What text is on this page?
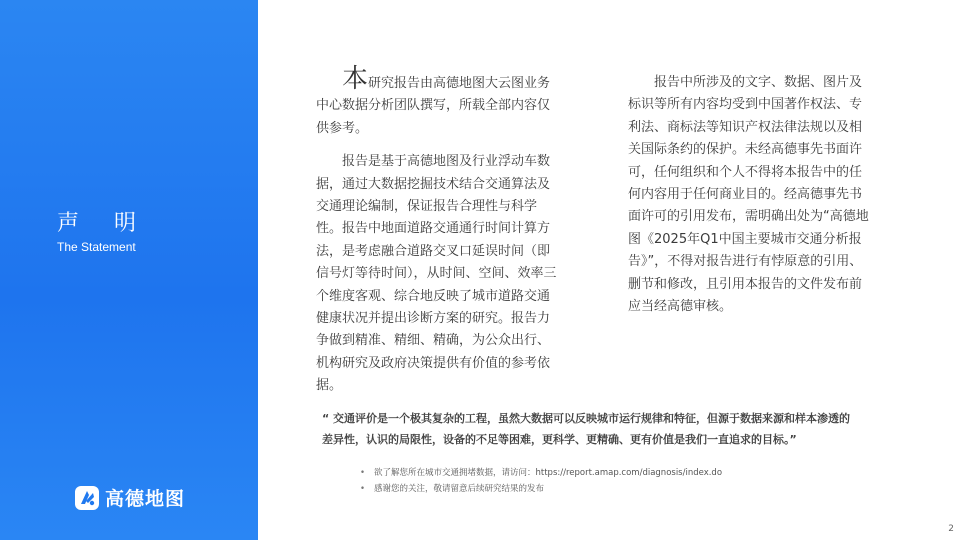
声 明
The Statement
高德地图

本研究报告由高德地图大云图业务中心数据分析团队撰写，所载全部内容仅供参考。

报告是基于高德地图及行业浮动车数据，通过大数据挖掘技术结合交通算法及交通理论编制，保证报告合理性与科学性。报告中地面道路交通通行时间计算方法，是考虑融合道路交叉口延误时间（即信号灯等待时间），从时间、空间、效率三个维度客观、综合地反映了城市道路交通健康状况并提出诊断方案的研究。报告力争做到精准、精细、精确，为公众出行、机构研究及政府决策提供有价值的参考依据。

报告中所涉及的文字、数据、图片及标识等所有内容均受到中国著作权法、专利法、商标法等知识产权法律法规以及相关国际条约的保护。未经高德事先书面许可，任何组织和个人不得将本报告中的任何内容用于任何商业目的。经高德事先书面许可的引用发布，需明确出处为“高德地图《2025年Q1中国主要城市交通分析报告》”，不得对报告进行有悖原意的引用、删节和修改，且引用本报告的文件发布前应当经高德审核。

“ 交通评价是一个极其复杂的工程，虽然大数据可以反映城市运行规律和特征，但源于数据来源和样本渗透的
差异性，认识的局限性，设备的不足等困难，更科学、更精确、更有价值是我们一直追求的目标。”
• 欲了解您所在城市交通拥堵数据，请访问：https://report.amap.com/diagnosis/index.do
• 感谢您的关注，敬请留意后续研究结果的发布
2
